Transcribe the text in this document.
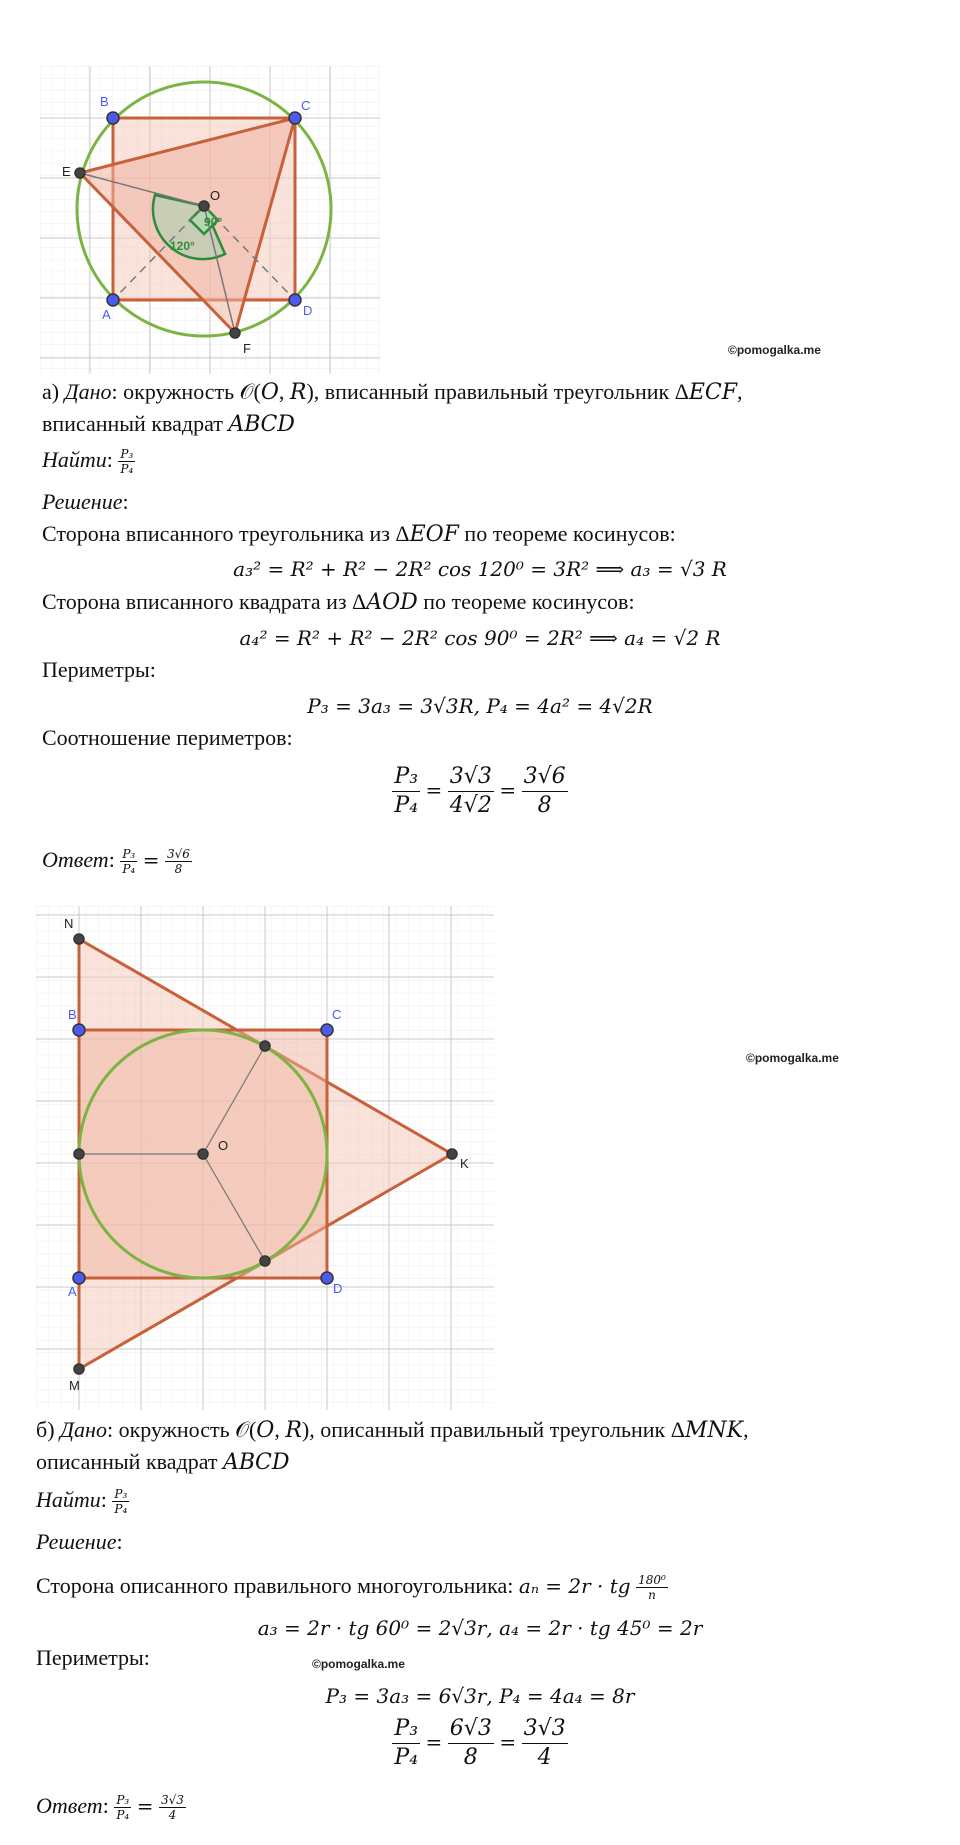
B	C
E
O
A	D
F
90°
120°
©pomogalka.me
а) Дано: окружность 𝒪(𝑂, 𝑅), вписанный правильный треугольник Δ𝐸𝐶𝐹,
вписанный квадрат 𝐴𝐵𝐶𝐷
Найти: $\frac{\text{P₃}}{\text{P₄}}$
Решение:
Сторона вписанного треугольника из Δ𝐸𝑂𝐹 по теореме косинусов:
𝑎₃² = 𝑅² + 𝑅² − 2𝑅² cos 120⁰ = 3𝑅² ⟹ 𝑎₃ = √3 𝑅
Сторона вписанного квадрата из Δ𝐴𝑂𝐷 по теореме косинусов:
𝑎₄² = 𝑅² + 𝑅² − 2𝑅² cos 90⁰ = 2𝑅² ⟹ 𝑎₄ = √2 𝑅
Периметры:
𝑃₃ = 3𝑎₃ = 3√3𝑅, 𝑃₄ = 4𝑎² = 4√2𝑅
Соотношение периметров:
$\frac{\text{P₃}}{\text{P₄}} = \frac{3√3}{4√2} = \frac{3√6}{8}$
Ответ: $\frac{\text{P₃}}{\text{P₄}} = \frac{3√6}{8}$
N
B	C
O
K
A	D
M
©pomogalka.me
б) Дано: окружность 𝒪(𝑂, 𝑅), описанный правильный треугольник Δ𝑀𝑁𝐾,
описанный квадрат 𝐴𝐵𝐶𝐷
Найти: $\frac{\text{P₃}}{\text{P₄}}$
Решение:
Сторона описанного правильного многоугольника: 𝑎ₙ = 2𝑟 · 𝑡𝑔 $\frac{\text{180⁰}}{n}$
𝑎₃ = 2𝑟 · 𝑡𝑔 60⁰ = 2√3𝑟, 𝑎₄ = 2𝑟 · 𝑡𝑔 45⁰ = 2𝑟
Периметры:	©pomogalka.me
𝑃₃ = 3𝑎₃ = 6√3𝑟, 𝑃₄ = 4𝑎₄ = 8𝑟
$\frac{\text{P₃}}{\text{P₄}} = \frac{6√3}{8} = \frac{3√3}{4}$
Ответ: $\frac{\text{P₃}}{\text{P₄}} = \frac{3√3}{4}$
